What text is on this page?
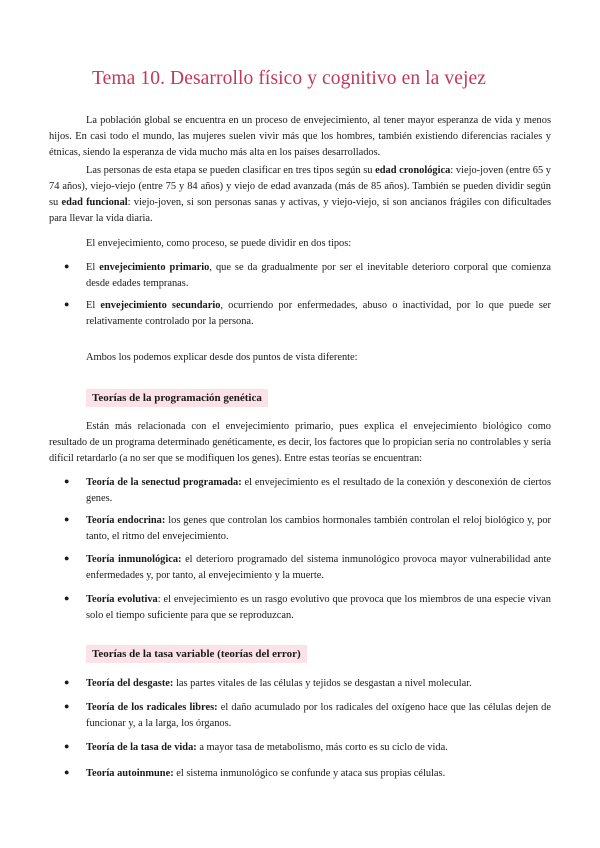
Tema 10. Desarrollo físico y cognitivo en la vejez

La población global se encuentra en un proceso de envejecimiento, al tener mayor esperanza de vida y menos hijos. En casi todo el mundo, las mujeres suelen vivir más que los hombres, también existiendo diferencias raciales y étnicas, siendo la esperanza de vida mucho más alta en los países desarrollados.

Las personas de esta etapa se pueden clasificar en tres tipos según su edad cronológica: viejo-joven (entre 65 y 74 años), viejo-viejo (entre 75 y 84 años) y viejo de edad avanzada (más de 85 años). También se pueden dividir según su edad funcional: viejo-joven, si son personas sanas y activas, y viejo-viejo, si son ancianos frágiles con dificultades para llevar la vida diaria.

El envejecimiento, como proceso, se puede dividir en dos tipos:

● El envejecimiento primario, que se da gradualmente por ser el inevitable deterioro corporal que comienza desde edades tempranas.

● El envejecimiento secundario, ocurriendo por enfermedades, abuso o inactividad, por lo que puede ser relativamente controlado por la persona.

Ambos los podemos explicar desde dos puntos de vista diferente:

Teorías de la programación genética

Están más relacionada con el envejecimiento primario, pues explica el envejecimiento biológico como resultado de un programa determinado genéticamente, es decir, los factores que lo propician sería no controlables y sería difícil retardarlo (a no ser que se modifiquen los genes). Entre estas teorías se encuentran:

● Teoría de la senectud programada: el envejecimiento es el resultado de la conexión y desconexión de ciertos genes.

● Teoría endocrina: los genes que controlan los cambios hormonales también controlan el reloj biológico y, por tanto, el ritmo del envejecimiento.

● Teoría inmunológica: el deterioro programado del sistema inmunológico provoca mayor vulnerabilidad ante enfermedades y, por tanto, al envejecimiento y la muerte.

● Teoría evolutiva: el envejecimiento es un rasgo evolutivo que provoca que los miembros de una especie vivan solo el tiempo suficiente para que se reproduzcan.

Teorías de la tasa variable (teorías del error)
● Teoría del desgaste: las partes vitales de las células y tejidos se desgastan a nivel molecular.

● Teoría de los radicales libres: el daño acumulado por los radicales del oxígeno hace que las células dejen de funcionar y, a la larga, los órganos.

● Teoría de la tasa de vida: a mayor tasa de metabolismo, más corto es su ciclo de vida.

● Teoría autoinmune: el sistema inmunológico se confunde y ataca sus propias células.
